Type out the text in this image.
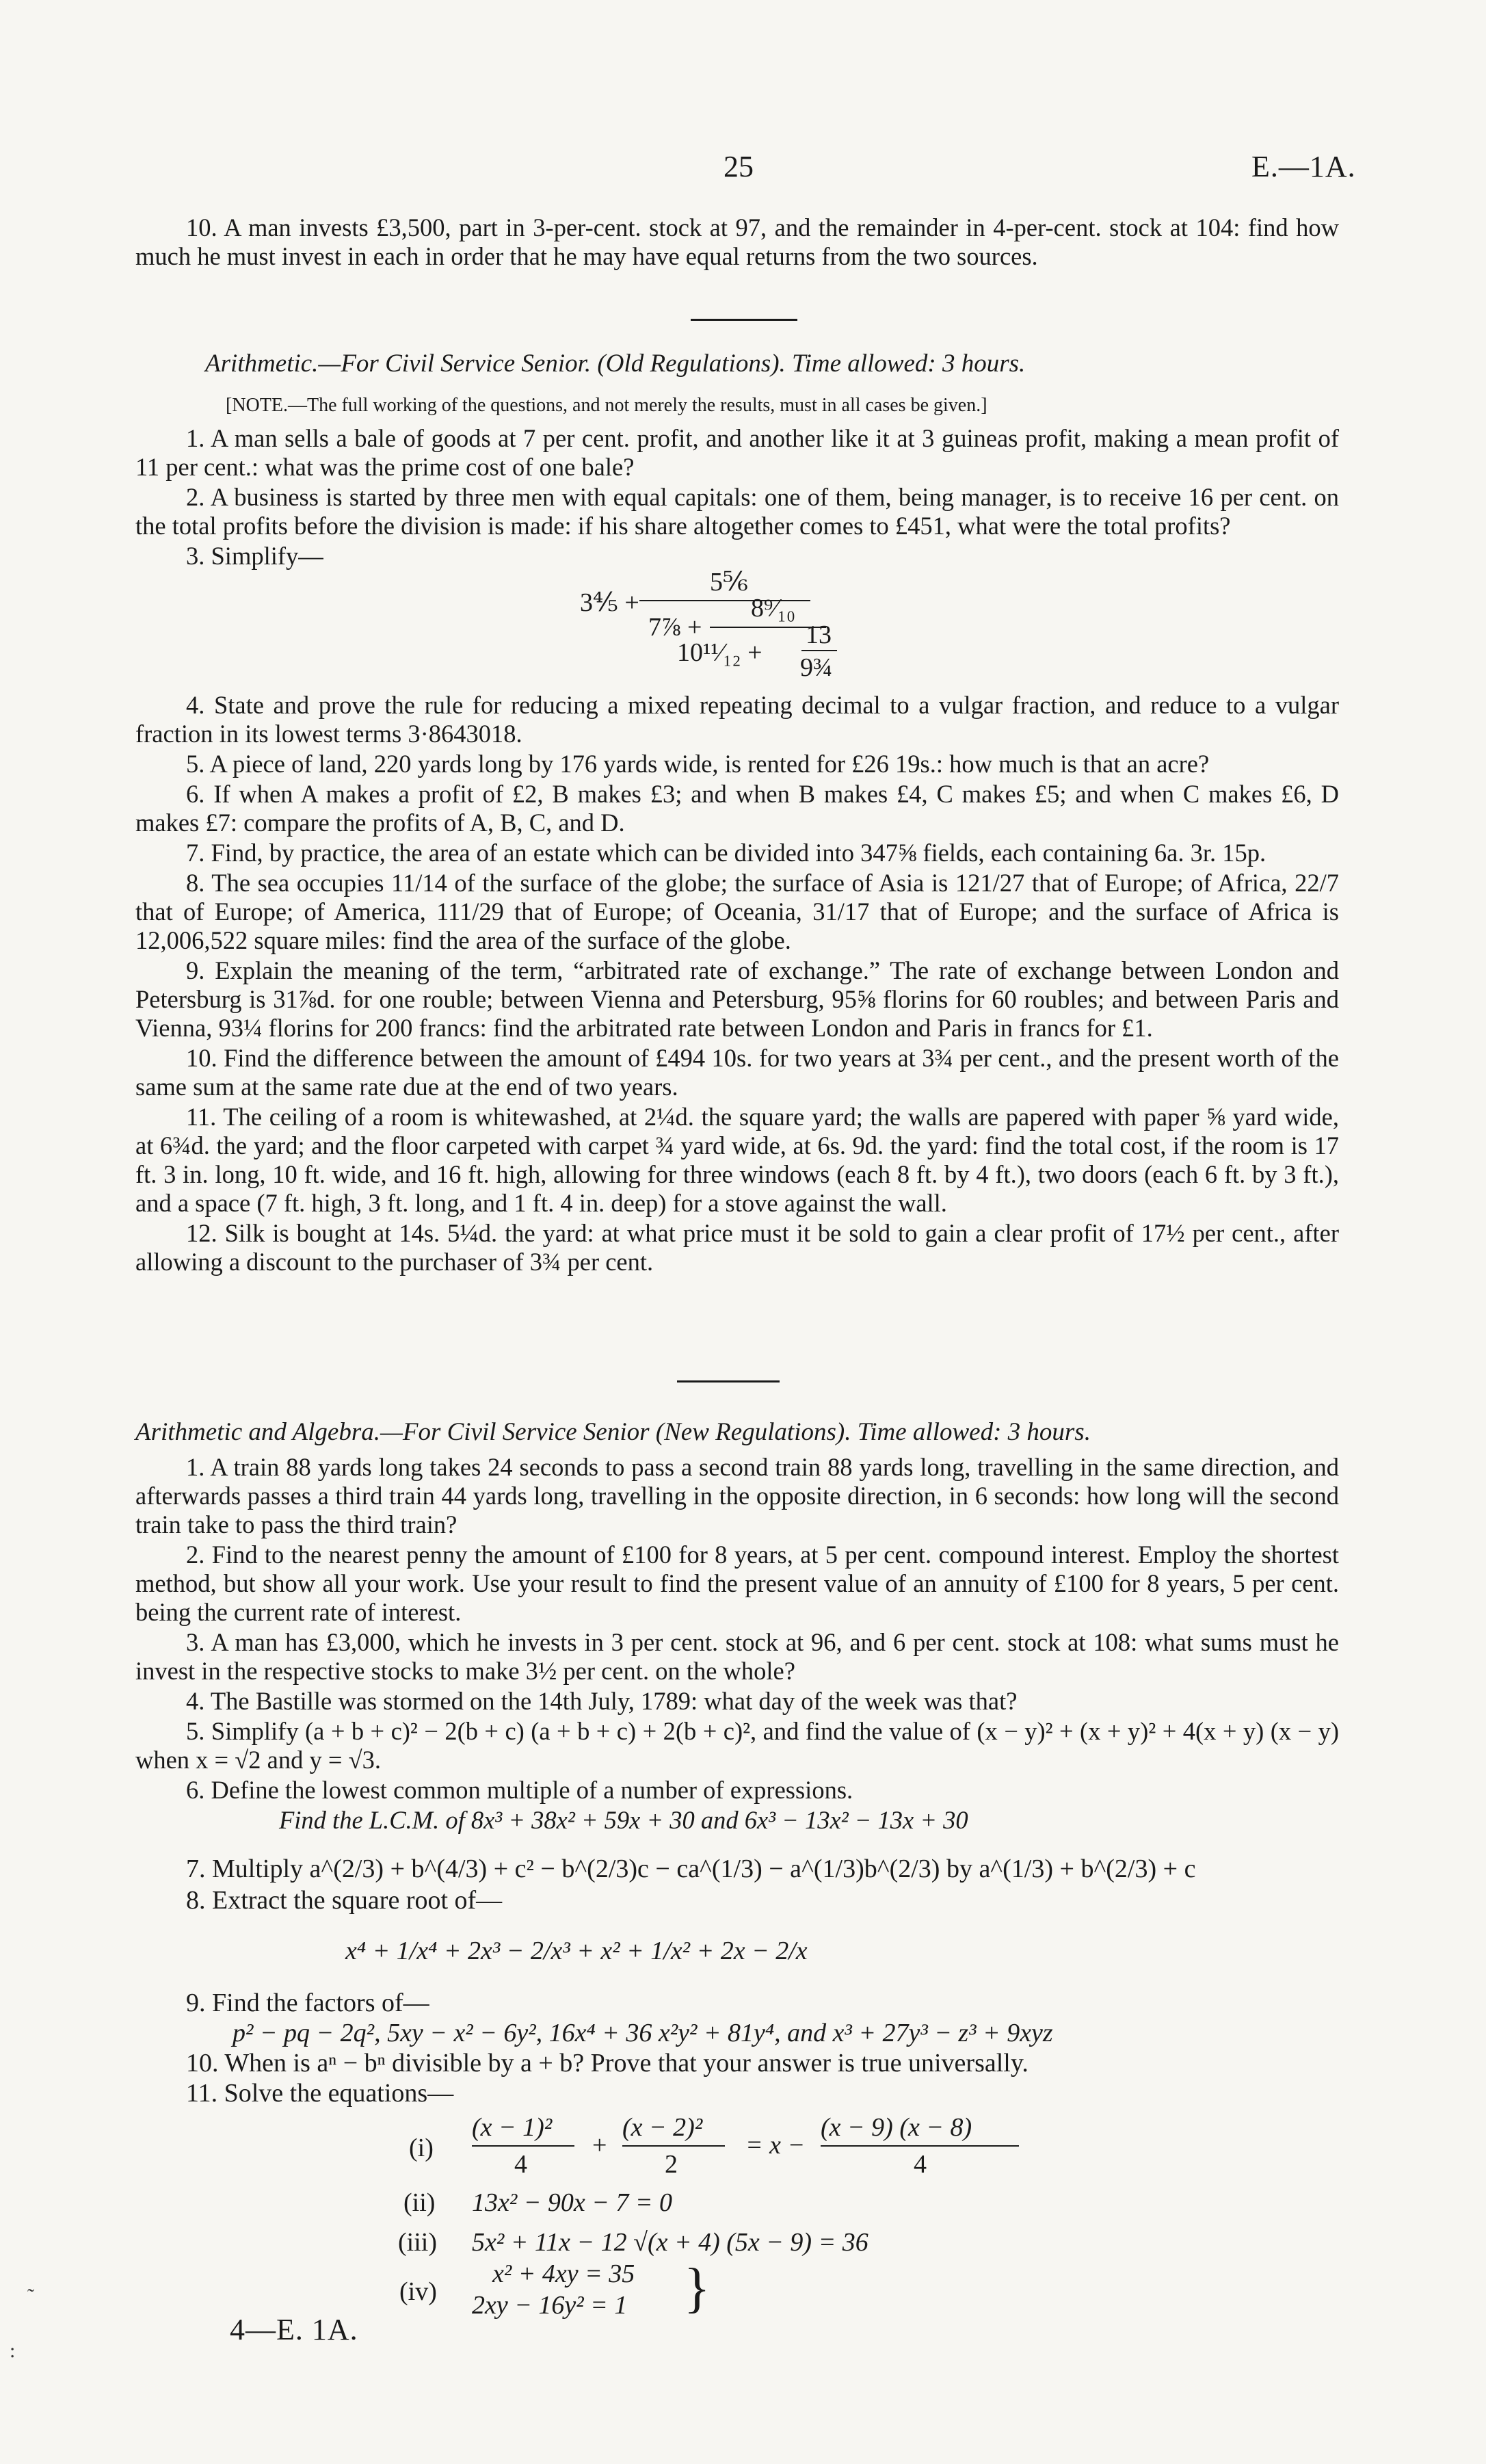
25	E.—1A.

10. A man invests £3,500, part in 3-per-cent. stock at 97, and the remainder in 4-per-cent. stock at 104: find how much he must invest in each in order that he may have equal returns from the two sources.

Arithmetic.—For Civil Service Senior. (Old Regulations). Time allowed: 3 hours.
[NOTE.—The full working of the questions, and not merely the results, must in all cases be given.]

1. A man sells a bale of goods at 7 per cent. profit, and another like it at 3 guineas profit, making a mean profit of 11 per cent.: what was the prime cost of one bale?

2. A business is started by three men with equal capitals: one of them, being manager, is to receive 16 per cent. on the total profits before the division is made: if his share altogether comes to £451, what were the total profits?

3. Simplify—

3⅘ +
5⅚
7⅞ +
8⁹⁄₁₀
10¹¹⁄₁₂ +
13
9¾

4. State and prove the rule for reducing a mixed repeating decimal to a vulgar fraction, and reduce to a vulgar fraction in its lowest terms 3·8643018.

5. A piece of land, 220 yards long by 176 yards wide, is rented for £26 19s.: how much is that an acre?

6. If when A makes a profit of £2, B makes £3; and when B makes £4, C makes £5; and when C makes £6, D makes £7: compare the profits of A, B, C, and D.

7. Find, by practice, the area of an estate which can be divided into 347⅝ fields, each containing 6a. 3r. 15p.

8. The sea occupies 11/14 of the surface of the globe; the surface of Asia is 121/27 that of Europe; of Africa, 22/7 that of Europe; of America, 111/29 that of Europe; of Oceania, 31/17 that of Europe; and the surface of Africa is 12,006,522 square miles: find the area of the surface of the globe.

9. Explain the meaning of the term, “arbitrated rate of exchange.” The rate of exchange between London and Petersburg is 31⅞d. for one rouble; between Vienna and Petersburg, 95⅝ florins for 60 roubles; and between Paris and Vienna, 93¼ florins for 200 francs: find the arbitrated rate between London and Paris in francs for £1.

10. Find the difference between the amount of £494 10s. for two years at 3¾ per cent., and the present worth of the same sum at the same rate due at the end of two years.

11. The ceiling of a room is whitewashed, at 2¼d. the square yard; the walls are papered with paper ⅝ yard wide, at 6¾d. the yard; and the floor carpeted with carpet ¾ yard wide, at 6s. 9d. the yard: find the total cost, if the room is 17 ft. 3 in. long, 10 ft. wide, and 16 ft. high, allowing for three windows (each 8 ft. by 4 ft.), two doors (each 6 ft. by 3 ft.), and a space (7 ft. high, 3 ft. long, and 1 ft. 4 in. deep) for a stove against the wall.

12. Silk is bought at 14s. 5¼d. the yard: at what price must it be sold to gain a clear profit of 17½ per cent., after allowing a discount to the purchaser of 3¾ per cent.

Arithmetic and Algebra.—For Civil Service Senior (New Regulations). Time allowed: 3 hours.

1. A train 88 yards long takes 24 seconds to pass a second train 88 yards long, travelling in the same direction, and afterwards passes a third train 44 yards long, travelling in the opposite direction, in 6 seconds: how long will the second train take to pass the third train?

2. Find to the nearest penny the amount of £100 for 8 years, at 5 per cent. compound interest. Employ the shortest method, but show all your work. Use your result to find the present value of an annuity of £100 for 8 years, 5 per cent. being the current rate of interest.

3. A man has £3,000, which he invests in 3 per cent. stock at 96, and 6 per cent. stock at 108: what sums must he invest in the respective stocks to make 3½ per cent. on the whole?

4. The Bastille was stormed on the 14th July, 1789: what day of the week was that?

5. Simplify (a + b + c)² − 2(b + c) (a + b + c) + 2(b + c)², and find the value of (x − y)² + (x + y)² + 4(x + y) (x − y) when x = √2 and y = √3.

6. Define the lowest common multiple of a number of expressions.

Find the L.C.M. of 8x³ + 38x² + 59x + 30 and 6x³ − 13x² − 13x + 30

7. Multiply a^(2/3) + b^(4/3) + c² − b^(2/3)c − ca^(1/3) − a^(1/3)b^(2/3) by a^(1/3) + b^(2/3) + c
8. Extract the square root of—
x⁴ + 1/x⁴ + 2x³ − 2/x³ + x² + 1/x² + 2x − 2/x
9. Find the factors of—
p² − pq − 2q², 5xy − x² − 6y², 16x⁴ + 36 x²y² + 81y⁴, and x³ + 27y³ − z³ + 9xyz
10. When is aⁿ − bⁿ divisible by a + b? Prove that your answer is true universally.
11. Solve the equations—
(i)
(x − 1)²
4
+
(x − 2)²
2
= x −
(x − 9) (x − 8)
4
(ii) 13x² − 90x − 7 = 0
(iii) 5x² + 11x − 12 √(x + 4) (5x − 9) = 36
(iv)
x² + 4xy = 35
2xy − 16y² = 1 }
4—E. 1A.
˜
:
